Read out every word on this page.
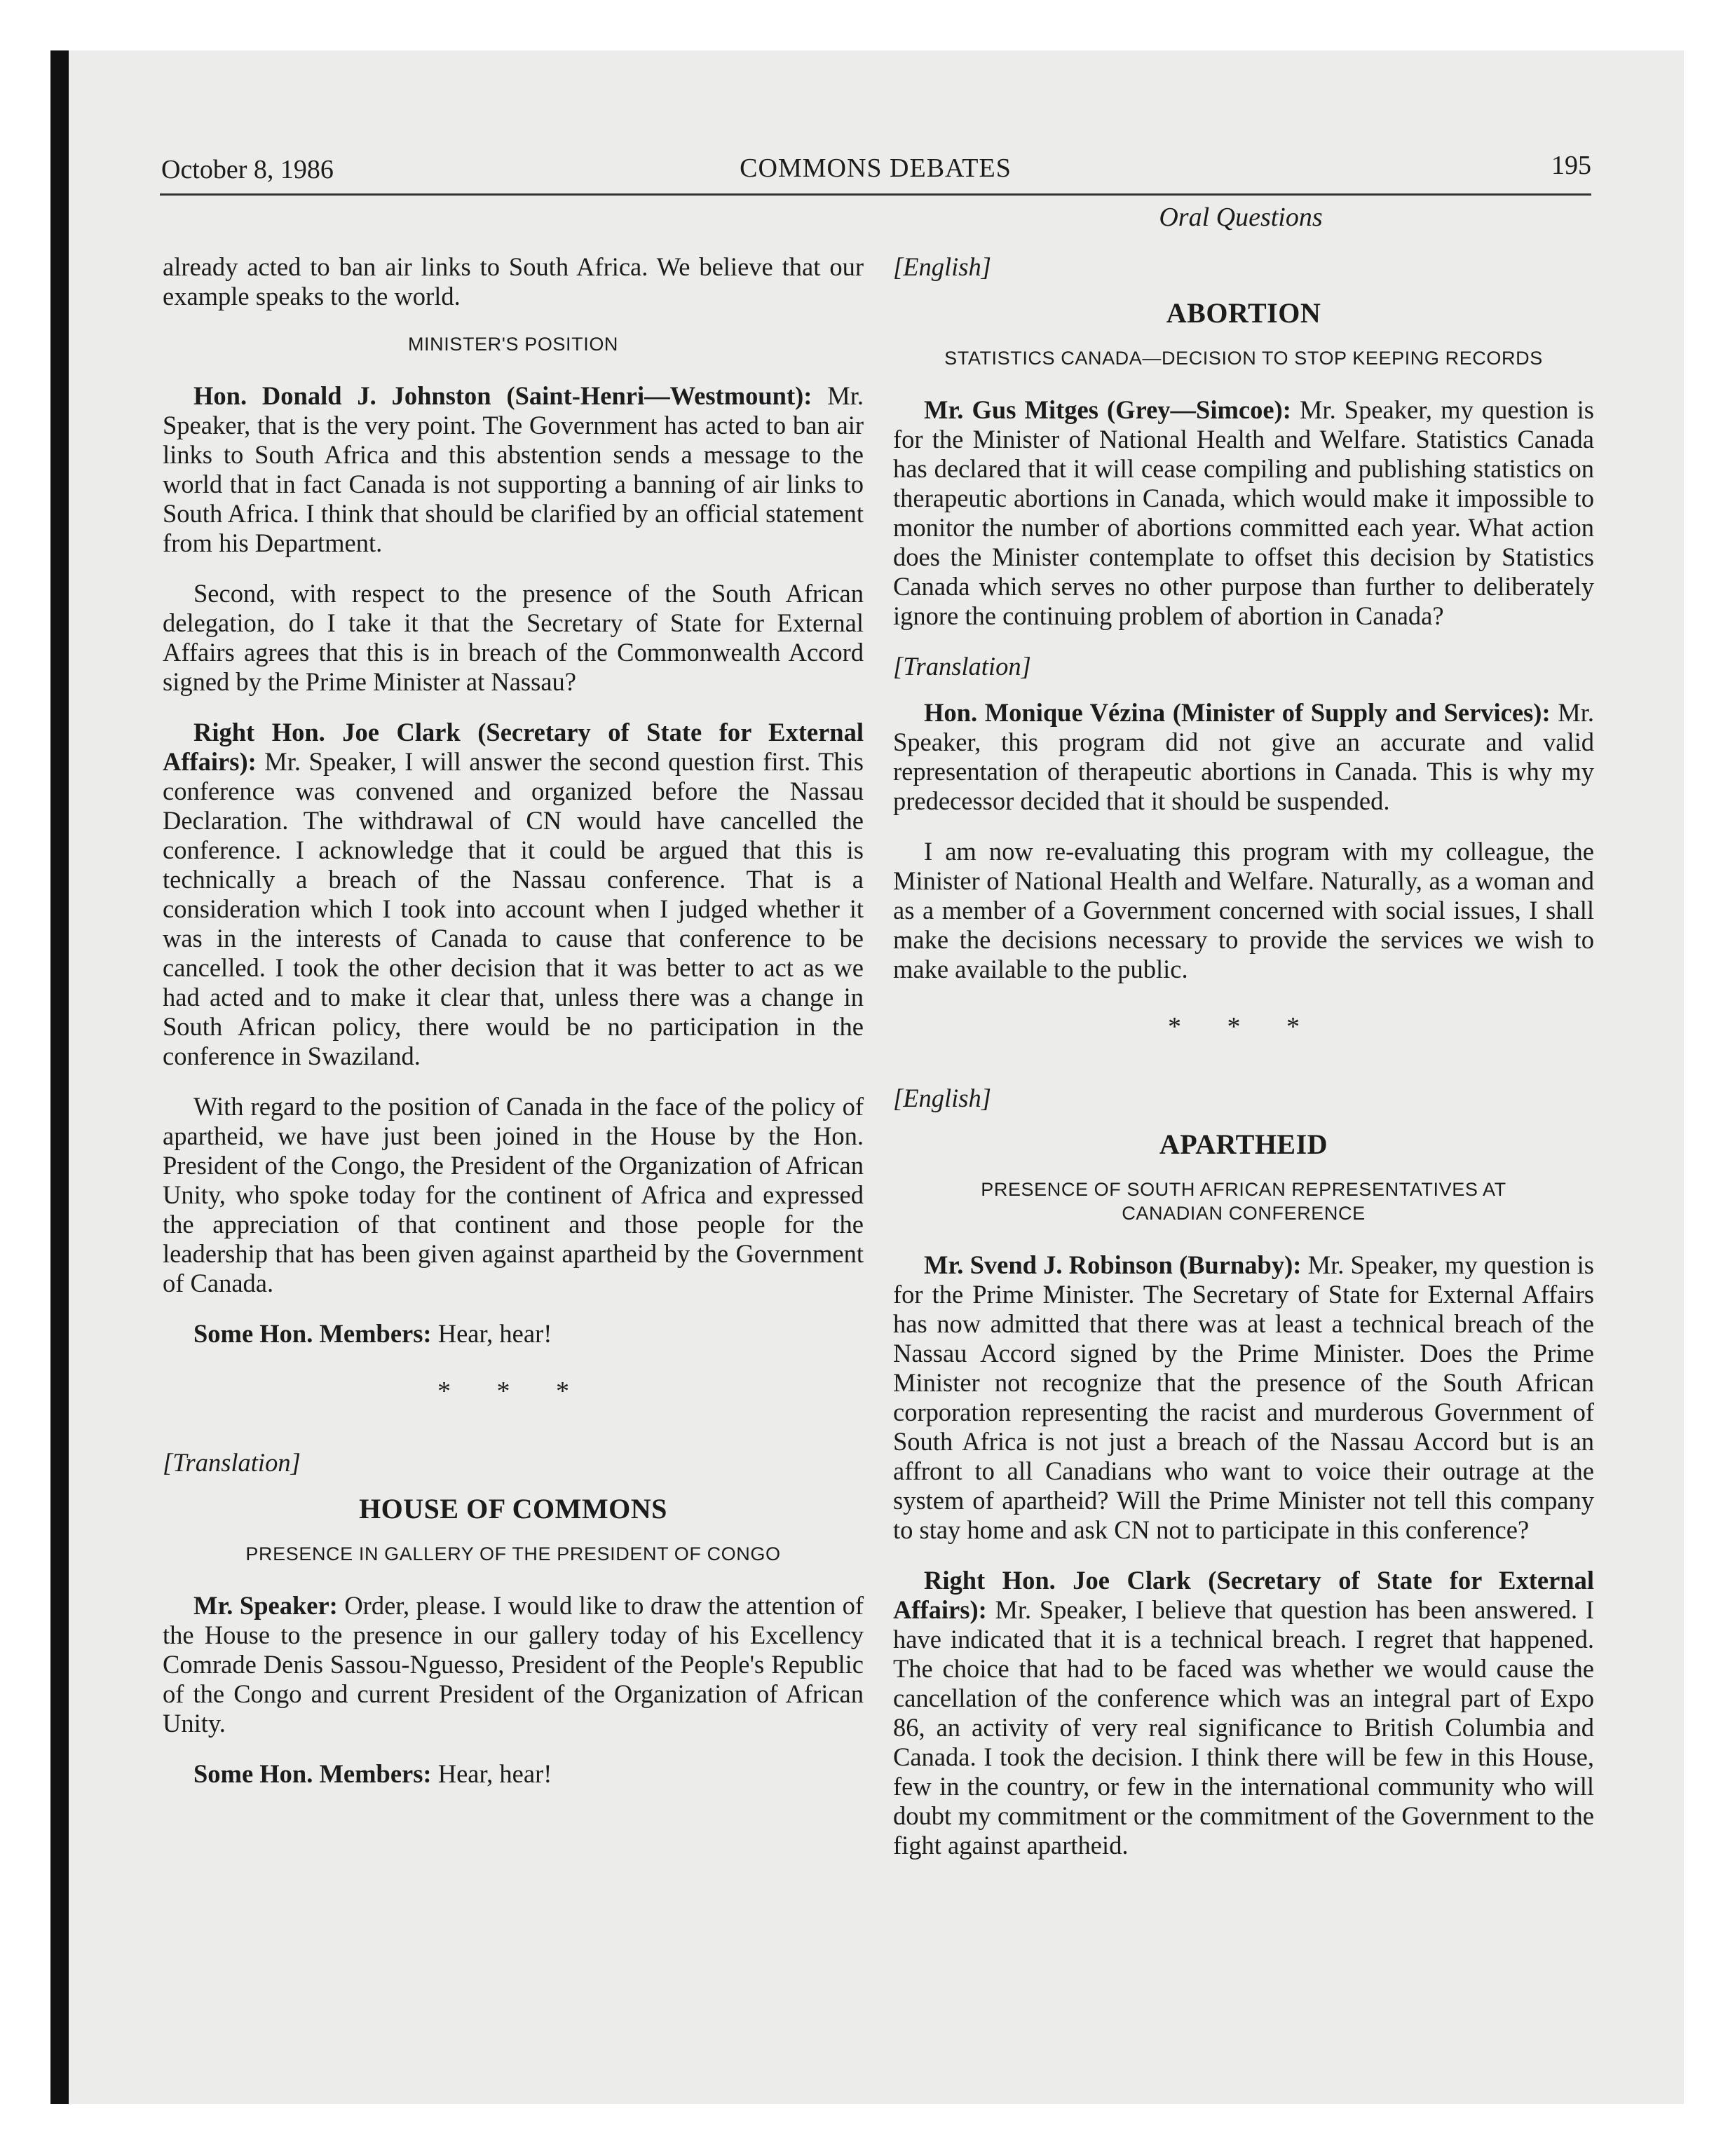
October 8, 1986	COMMONS DEBATES	195
Oral Questions

already acted to ban air links to South Africa. We believe that our example speaks to the world.

MINISTER'S POSITION

Hon. Donald J. Johnston (Saint-Henri—Westmount): Mr. Speaker, that is the very point. The Government has acted to ban air links to South Africa and this abstention sends a message to the world that in fact Canada is not supporting a banning of air links to South Africa. I think that should be clarified by an official statement from his Department.

Second, with respect to the presence of the South African delegation, do I take it that the Secretary of State for External Affairs agrees that this is in breach of the Commonwealth Accord signed by the Prime Minister at Nassau?

Right Hon. Joe Clark (Secretary of State for External Affairs): Mr. Speaker, I will answer the second question first. This conference was convened and organized before the Nassau Declaration. The withdrawal of CN would have cancelled the conference. I acknowledge that it could be argued that this is technically a breach of the Nassau conference. That is a consideration which I took into account when I judged whether it was in the interests of Canada to cause that conference to be cancelled. I took the other decision that it was better to act as we had acted and to make it clear that, unless there was a change in South African policy, there would be no participation in the conference in Swaziland.

With regard to the position of Canada in the face of the policy of apartheid, we have just been joined in the House by the Hon. President of the Congo, the President of the Organization of African Unity, who spoke today for the continent of Africa and expressed the appreciation of that continent and those people for the leadership that has been given against apartheid by the Government of Canada.

Some Hon. Members: Hear, hear!

* * *
[Translation]
HOUSE OF COMMONS
PRESENCE IN GALLERY OF THE PRESIDENT OF CONGO

Mr. Speaker: Order, please. I would like to draw the attention of the House to the presence in our gallery today of his Excellency Comrade Denis Sassou-Nguesso, President of the People's Republic of the Congo and current President of the Organization of African Unity.

Some Hon. Members: Hear, hear!

[English]
ABORTION
STATISTICS CANADA—DECISION TO STOP KEEPING RECORDS

Mr. Gus Mitges (Grey—Simcoe): Mr. Speaker, my question is for the Minister of National Health and Welfare. Statistics Canada has declared that it will cease compiling and publishing statistics on therapeutic abortions in Canada, which would make it impossible to monitor the number of abortions committed each year. What action does the Minister contemplate to offset this decision by Statistics Canada which serves no other purpose than further to deliberately ignore the continuing problem of abortion in Canada?

[Translation]

Hon. Monique Vézina (Minister of Supply and Services): Mr. Speaker, this program did not give an accurate and valid representation of therapeutic abortions in Canada. This is why my predecessor decided that it should be suspended.

I am now re-evaluating this program with my colleague, the Minister of National Health and Welfare. Naturally, as a woman and as a member of a Government concerned with social issues, I shall make the decisions necessary to provide the services we wish to make available to the public.

* * *
[English]
APARTHEID
PRESENCE OF SOUTH AFRICAN REPRESENTATIVES AT
CANADIAN CONFERENCE

Mr. Svend J. Robinson (Burnaby): Mr. Speaker, my question is for the Prime Minister. The Secretary of State for External Affairs has now admitted that there was at least a technical breach of the Nassau Accord signed by the Prime Minister. Does the Prime Minister not recognize that the presence of the South African corporation representing the racist and murderous Government of South Africa is not just a breach of the Nassau Accord but is an affront to all Canadians who want to voice their outrage at the system of apartheid? Will the Prime Minister not tell this company to stay home and ask CN not to participate in this conference?

Right Hon. Joe Clark (Secretary of State for External Affairs): Mr. Speaker, I believe that question has been answered. I have indicated that it is a technical breach. I regret that happened. The choice that had to be faced was whether we would cause the cancellation of the conference which was an integral part of Expo 86, an activity of very real significance to British Columbia and Canada. I took the decision. I think there will be few in this House, few in the country, or few in the international community who will doubt my commitment or the commitment of the Government to the fight against apartheid.
